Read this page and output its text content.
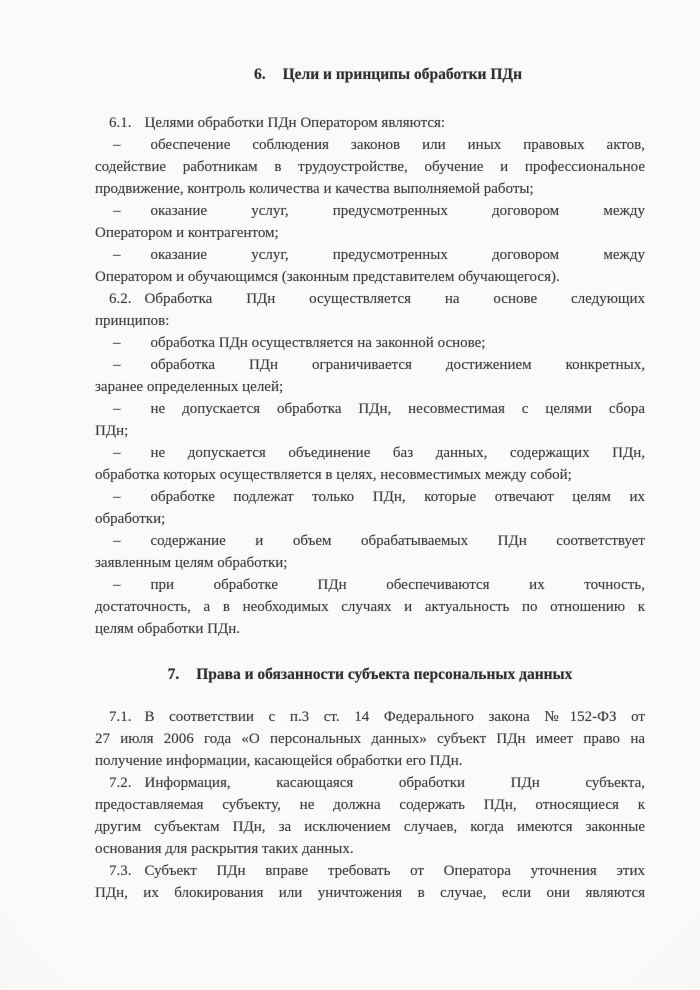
6. Цели и принципы обработки ПДн
6.1. Целями обработки ПДн Оператором являются:
– обеспечение соблюдения законов или иных правовых актов,
содействие работникам в трудоустройстве, обучение и профессиональное
продвижение, контроль количества и качества выполняемой работы;
– оказание услуг, предусмотренных договором между
Оператором и контрагентом;
– оказание услуг, предусмотренных договором между
Оператором и обучающимся (законным представителем обучающегося).
6.2. Обработка ПДн осуществляется на основе следующих
принципов:
– обработка ПДн осуществляется на законной основе;
– обработка ПДн ограничивается достижением конкретных,
заранее определенных целей;
– не допускается обработка ПДн, несовместимая с целями сбора
ПДн;
– не допускается объединение баз данных, содержащих ПДн,
обработка которых осуществляется в целях, несовместимых между собой;
– обработке подлежат только ПДн, которые отвечают целям их
обработки;
– содержание и объем обрабатываемых ПДн соответствует
заявленным целям обработки;
– при обработке ПДн обеспечиваются их точность,
достаточность, а в необходимых случаях и актуальность по отношению к
целям обработки ПДн.
7. Права и обязанности субъекта персональных данных
7.1. В соответствии с п.3 ст. 14 Федерального закона №152-ФЗ от
27 июля 2006 года «О персональных данных» субъект ПДн имеет право на
получение информации, касающейся обработки его ПДн.
7.2. Информация, касающаяся обработки ПДн субъекта,
предоставляемая субъекту, не должна содержать ПДн, относящиеся к
другим субъектам ПДн, за исключением случаев, когда имеются законные
основания для раскрытия таких данных.
7.3. Субъект ПДн вправе требовать от Оператора уточнения этих
ПДн, их блокирования или уничтожения в случае, если они являются
